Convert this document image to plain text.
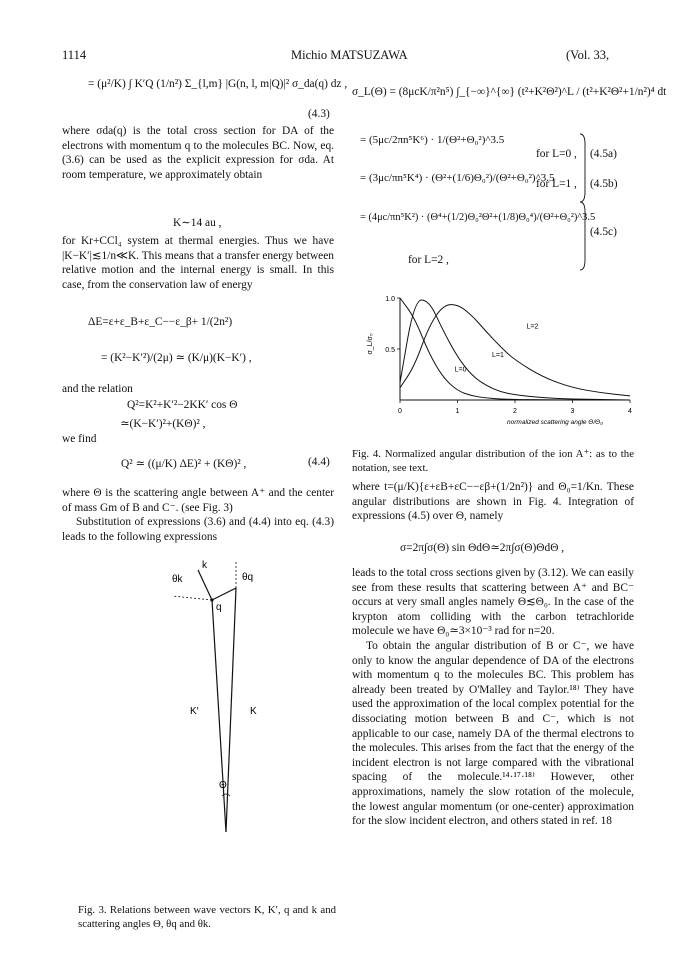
1114	Michio MATSUZAWA	(Vol. 33,
= (μ²/K) ∫ K′Q (1/n²) Σ_{l,m} |G(n, l, m|Q)|² σ_da(q) dz ,
(4.3)

where σda(q) is the total cross section for DA of the electrons with momentum q to the molecules BC. Now, eq. (3.6) can be used as the explicit expression for σda. At room temperature, we approximately obtain

K∼14 au ,

for Kr+CCl₄ system at thermal energies. Thus we have |K−K′|≲1/n≪K. This means that a transfer energy between relative motion and the internal energy is small. In this case, from the conservation law of energy

ΔE=ε+ε_B+ε_C−−ε_β+ 1/(2n²)
= (K²−K′²)/(2μ) ≃ (K/μ)(K−K′) ,
and the relation
Q²=K²+K′²−2KK′ cos Θ
≃(K−K′)²+(KΘ)² ,
we find
Q² ≃ ((μ/K) ΔE)² + (KΘ)² ,	(4.4)

where Θ is the scattering angle between A⁺ and the center of mass Gm of B and C⁻. (see Fig. 3)

Substitution of expressions (3.6) and (4.4) into eq. (4.3) leads to the following expressions

k
θk	θq
q
K′	K
Θ
Fig. 3. Relations between wave vectors K, K′, q and k and scattering angles Θ, θq and θk.
σ_L(Θ) = (8μcK/π²n⁵) ∫_{−∞}^{∞} (t²+K²Θ²)^L / (t²+K²Θ²+1/n²)⁴ dt
= (5μc/2πn⁵K⁶) · 1/(Θ²+Θ₀²)^3.5
for L=0 , (4.5a)
= (3μc/πn⁵K⁴) · (Θ²+(1/6)Θ₀²)/(Θ²+Θ₀²)^3.5
for L=1 , (4.5b)
= (4μc/πn⁵K²) · (Θ⁴+(1/2)Θ₀²Θ²+(1/8)Θ₀⁴)/(Θ²+Θ₀²)^3.5
(4.5c)
for L=2 ,
0	1	2	3	4
1.0
0.5
normalized scattering angle Θ/Θ₀
σ_L/σ₀
L=0
L=1
L=2
Fig. 4. Normalized angular distribution of the ion A⁺: as to the notation, see text.

where t=(μ/K){ε+εB+εC−−εβ+(1/2n²)} and Θ₀=1/Kn. These angular distributions are shown in Fig. 4. Integration of expressions (4.5) over Θ, namely

σ=2π∫σ(Θ) sin ΘdΘ≃2π∫σ(Θ)ΘdΘ ,

leads to the total cross sections given by (3.12). We can easily see from these results that scattering between A⁺ and BC⁻ occurs at very small angles namely Θ≲Θ₀. In the case of the krypton atom colliding with the carbon tetrachloride molecule we have Θ₀≃3×10⁻³ rad for n=20.

To obtain the angular distribution of B or C⁻, we have only to know the angular dependence of DA of the electrons with momentum q to the molecules BC. This problem has already been treated by O'Malley and Taylor.¹⁸⁾ They have used the approximation of the local complex potential for the dissociating motion between B and C⁻, which is not applicable to our case, namely DA of the thermal electrons to the molecules. This arises from the fact that the energy of the incident electron is not large compared with the vibrational spacing of the molecule.¹⁴·¹⁷·¹⁸⁾ However, other approximations, namely the slow rotation of the molecule, the lowest angular momentum (or one-center) approximation for the slow incident electron, and others stated in ref. 18
